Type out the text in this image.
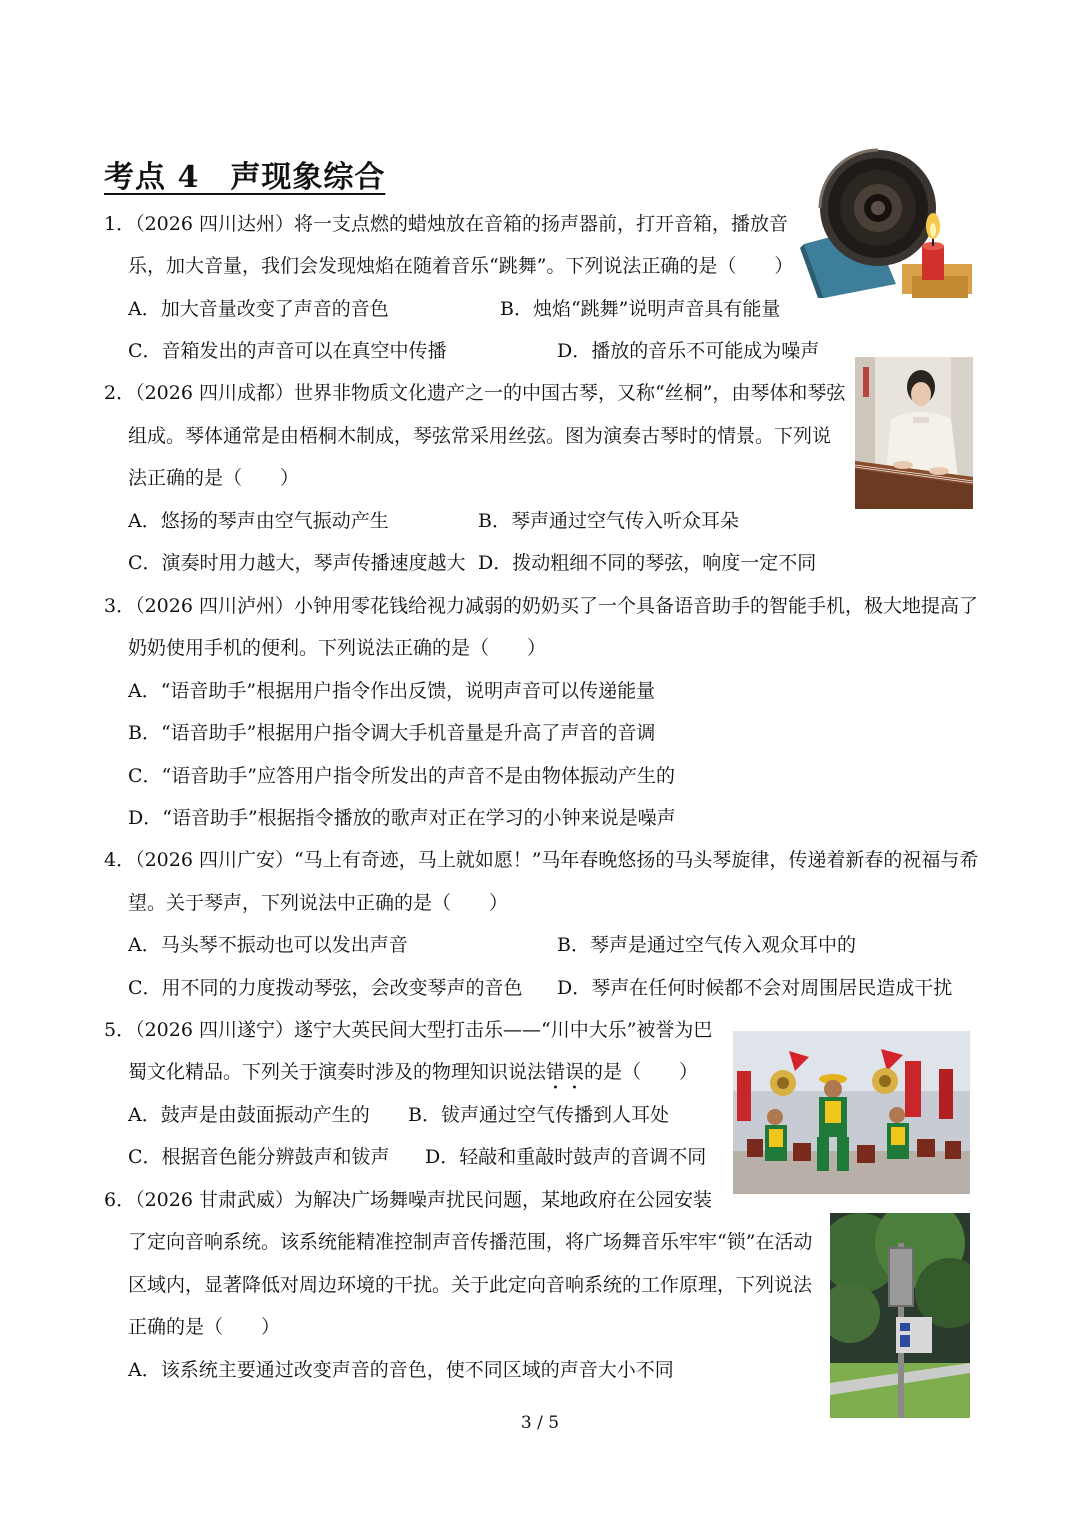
考点 4　声现象综合
1．（2026 四川达州）将一支点燃的蜡烛放在音箱的扬声器前，打开音箱，播放音
乐，加大音量，我们会发现烛焰在随着音乐“跳舞”。下列说法正确的是（　　）
A．加大音量改变了声音的音色	B．烛焰“跳舞”说明声音具有能量
C．音箱发出的声音可以在真空中传播	D．播放的音乐不可能成为噪声
2．（2026 四川成都）世界非物质文化遗产之一的中国古琴，又称“丝桐”，由琴体和琴弦
组成。琴体通常是由梧桐木制成，琴弦常采用丝弦。图为演奏古琴时的情景。下列说
法正确的是（　　）
A．悠扬的琴声由空气振动产生	B．琴声通过空气传入听众耳朵
C．演奏时用力越大，琴声传播速度越大 D．拨动粗细不同的琴弦，响度一定不同
3．（2026 四川泸州）小钟用零花钱给视力减弱的奶奶买了一个具备语音助手的智能手机，极大地提高了
奶奶使用手机的便利。下列说法正确的是（　　）
A．“语音助手”根据用户指令作出反馈，说明声音可以传递能量
B．“语音助手”根据用户指令调大手机音量是升高了声音的音调
C．“语音助手”应答用户指令所发出的声音不是由物体振动产生的
D．“语音助手”根据指令播放的歌声对正在学习的小钟来说是噪声
4．（2026 四川广安）“马上有奇迹，马上就如愿！”马年春晚悠扬的马头琴旋律，传递着新春的祝福与希
望。关于琴声，下列说法中正确的是（　　）
A．马头琴不振动也可以发出声音	B．琴声是通过空气传入观众耳中的
C．用不同的力度拨动琴弦，会改变琴声的音色 D．琴声在任何时候都不会对周围居民造成干扰
5．（2026 四川遂宁）遂宁大英民间大型打击乐——“川中大乐”被誉为巴
蜀文化精品。下列关于演奏时涉及的物理知识说法错误的是（　　）
A．鼓声是由鼓面振动产生的 B．钹声通过空气传播到人耳处
C．根据音色能分辨鼓声和钹声 D．轻敲和重敲时鼓声的音调不同
6．（2026 甘肃武威）为解决广场舞噪声扰民问题，某地政府在公园安装
了定向音响系统。该系统能精准控制声音传播范围，将广场舞音乐牢牢“锁”在活动
区域内，显著降低对周边环境的干扰。关于此定向音响系统的工作原理，下列说法
正确的是（　　）
A．该系统主要通过改变声音的音色，使不同区域的声音大小不同
3 / 5
